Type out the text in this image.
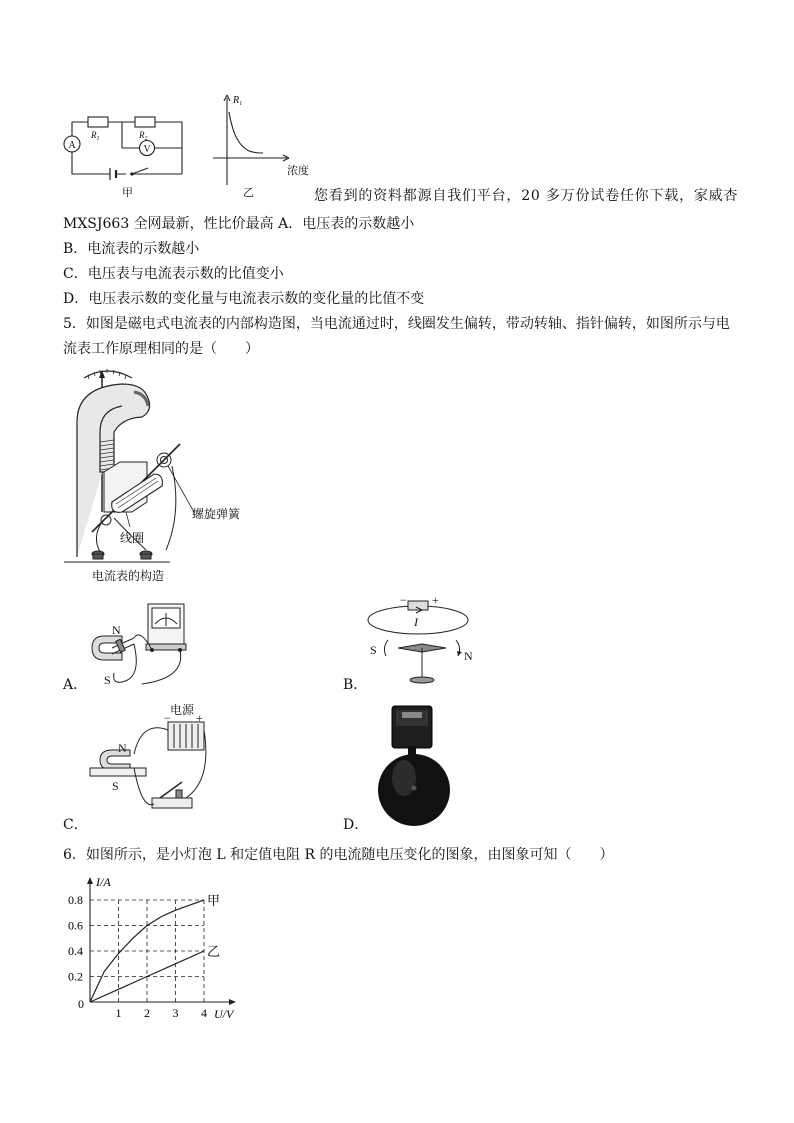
A	V
$R_1$	$R_2$
甲
$R_1$
浓度
乙	您看到的资料都源自我们平台，20 多万份试卷任你下载，家威杏
MXSJ663 全网最新，性比价最高 A．电压表的示数越小
B．电流表的示数越小
C．电压表与电流表示数的比值变小
D．电压表示数的变化量与电流表示数的变化量的比值不变
5．如图是磁电式电流表的内部构造图，当电流通过时，线圈发生偏转，带动转轴、指针偏转，如图所示与电
流表工作原理相同的是（　　）
螺旋弹簧
线圈
电流表的构造
N
S
A．
S	N
I
− +
B．
电源
N
S
− +
C．	D．
6．如图所示，是小灯泡 L 和定值电阻 R 的电流随电压变化的图象，由图象可知（　　）
1 2 3 4
0.2
0.4
0.6
0.8
0
I/A
U/V
甲
乙
